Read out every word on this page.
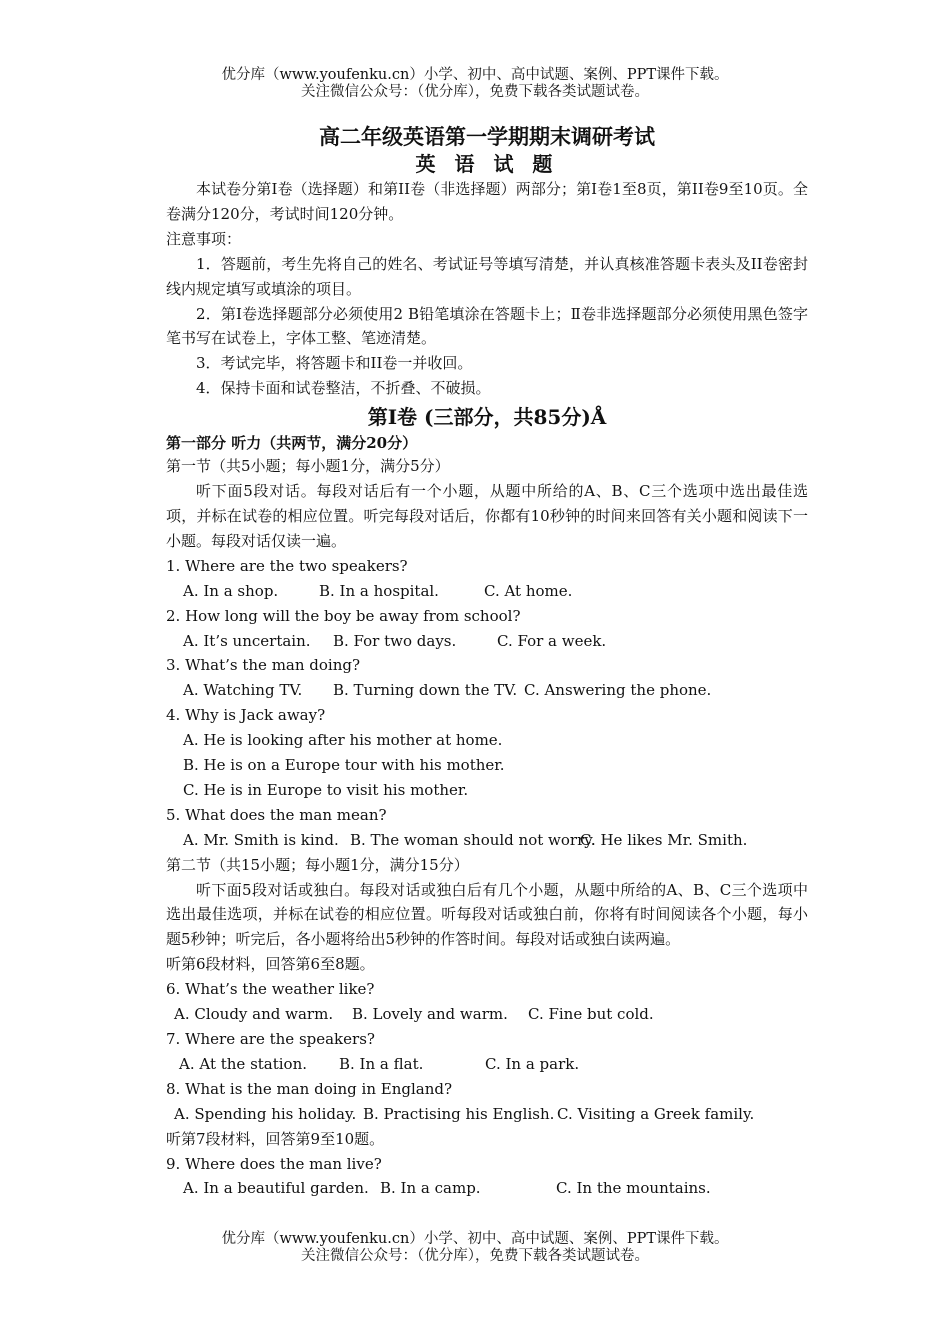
优分库（www.youfenku.cn）小学、初中、高中试题、案例、PPT课件下载。
关注微信公众号：（优分库），免费下载各类试题试卷。
高二年级英语第一学期期末调研考试
英 语 试 题
本试卷分第Ⅰ卷（选择题）和第II卷（非选择题）两部分；第I卷1至8页，第II卷9至10页。全卷满分120分，考试时间120分钟。
注意事项：
1．答题前，考生先将自己的姓名、考试证号等填写清楚，并认真核准答题卡表头及II卷密封线内规定填写或填涂的项目。
2．第Ⅰ卷选择题部分必须使用2 B铅笔填涂在答题卡上；Ⅱ卷非选择题部分必须使用黑色签字笔书写在试卷上，字体工整、笔迹清楚。
3．考试完毕，将答题卡和II卷一并收回。
4．保持卡面和试卷整洁，不折叠、不破损。
第I卷 (三部分，共85分)Å
第一部分 听力（共两节，满分20分）
第一节（共5小题；每小题1分，满分5分）
听下面5段对话。每段对话后有一个小题，从题中所给的A、B、C三个选项中选出最佳选项，并标在试卷的相应位置。听完每段对话后，你都有10秒钟的时间来回答有关小题和阅读下一小题。每段对话仅读一遍。
1. Where are the two speakers?
A. In a shop.	B. In a hospital.	C. At home.
2. How long will the boy be away from school?
A. It’s uncertain. B. For two days.	C. For a week.
3. What’s the man doing?
A. Watching TV. B. Turning down the TV. C. Answering the phone.
4. Why is Jack away?
A. He is looking after his mother at home.
B. He is on a Europe tour with his mother.
C. He is in Europe to visit his mother.
5. What does the man mean?
A. Mr. Smith is kind. B. The woman should not worry.C. He likes Mr. Smith.
第二节（共15小题；每小题1分，满分15分）
听下面5段对话或独白。每段对话或独白后有几个小题，从题中所给的A、B、C三个选项中选出最佳选项，并标在试卷的相应位置。听每段对话或独白前，你将有时间阅读各个小题，每小题5秒钟；听完后，各小题将给出5秒钟的作答时间。每段对话或独白读两遍。
听第6段材料，回答第6至8题。
6. What’s the weather like?
A. Cloudy and warm. B. Lovely and warm. C. Fine but cold.
7. Where are the speakers?
A. At the station. B. In a flat.	C. In a park.
8. What is the man doing in England?
A. Spending his holiday. B. Practising his English. C. Visiting a Greek family.
听第7段材料，回答第9至10题。
9. Where does the man live?
A. In a beautiful garden. B. In a camp.	C. In the mountains.
优分库（www.youfenku.cn）小学、初中、高中试题、案例、PPT课件下载。
关注微信公众号：（优分库），免费下载各类试题试卷。
